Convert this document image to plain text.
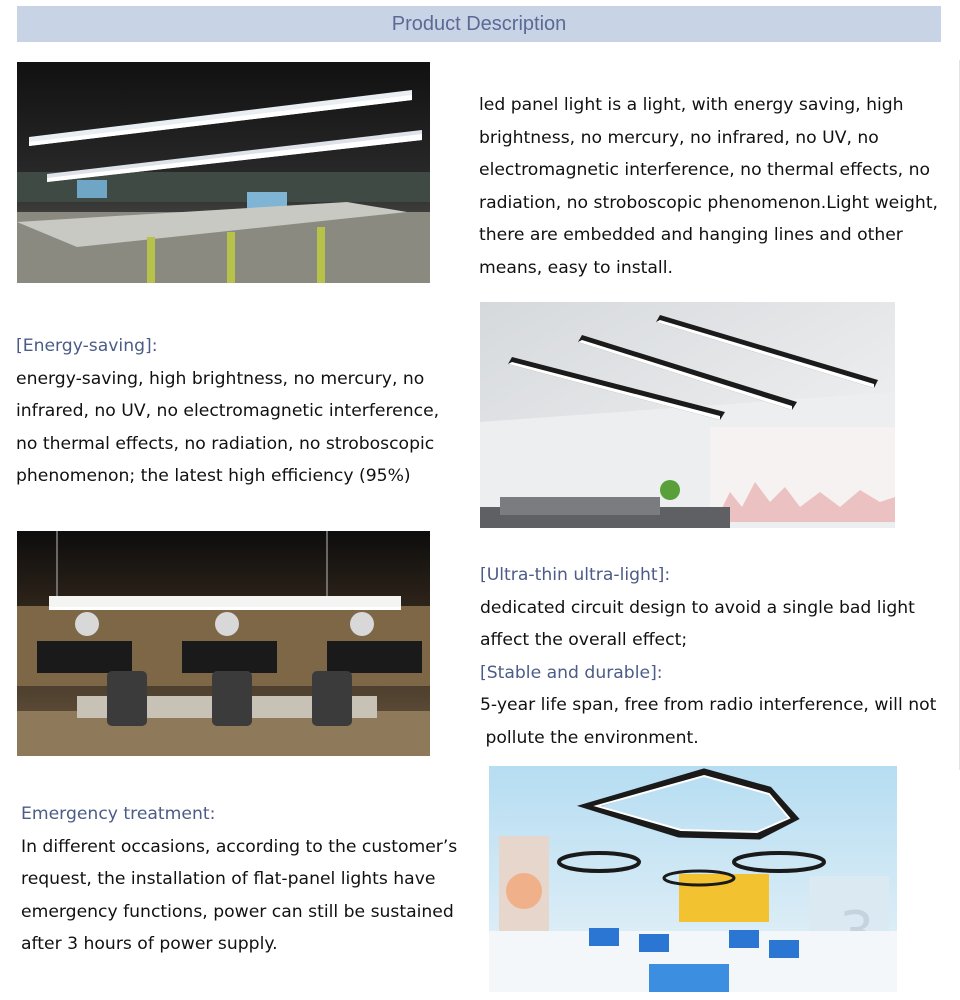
Product Description

led panel light is a light, with energy saving, high

brightness, no mercury, no infrared, no UV, no

electromagnetic interference, no thermal effects, no

radiation, no stroboscopic phenomenon.Light weight,

there are embedded and hanging lines and other

means, easy to install.

[Energy-saving]:

energy-saving, high brightness, no mercury, no

infrared, no UV, no electromagnetic interference,

no thermal effects, no radiation, no stroboscopic

phenomenon; the latest high efficiency (95%)

[Ultra-thin ultra-light]:

dedicated circuit design to avoid a single bad light

affect the overall effect;

[Stable and durable]:

5-year life span, free from radio interference, will not

pollute the environment.

Emergency treatment:

In different occasions, according to the customer’s

request, the installation of flat-panel lights have

emergency functions, power can still be sustained

after 3 hours of power supply.
